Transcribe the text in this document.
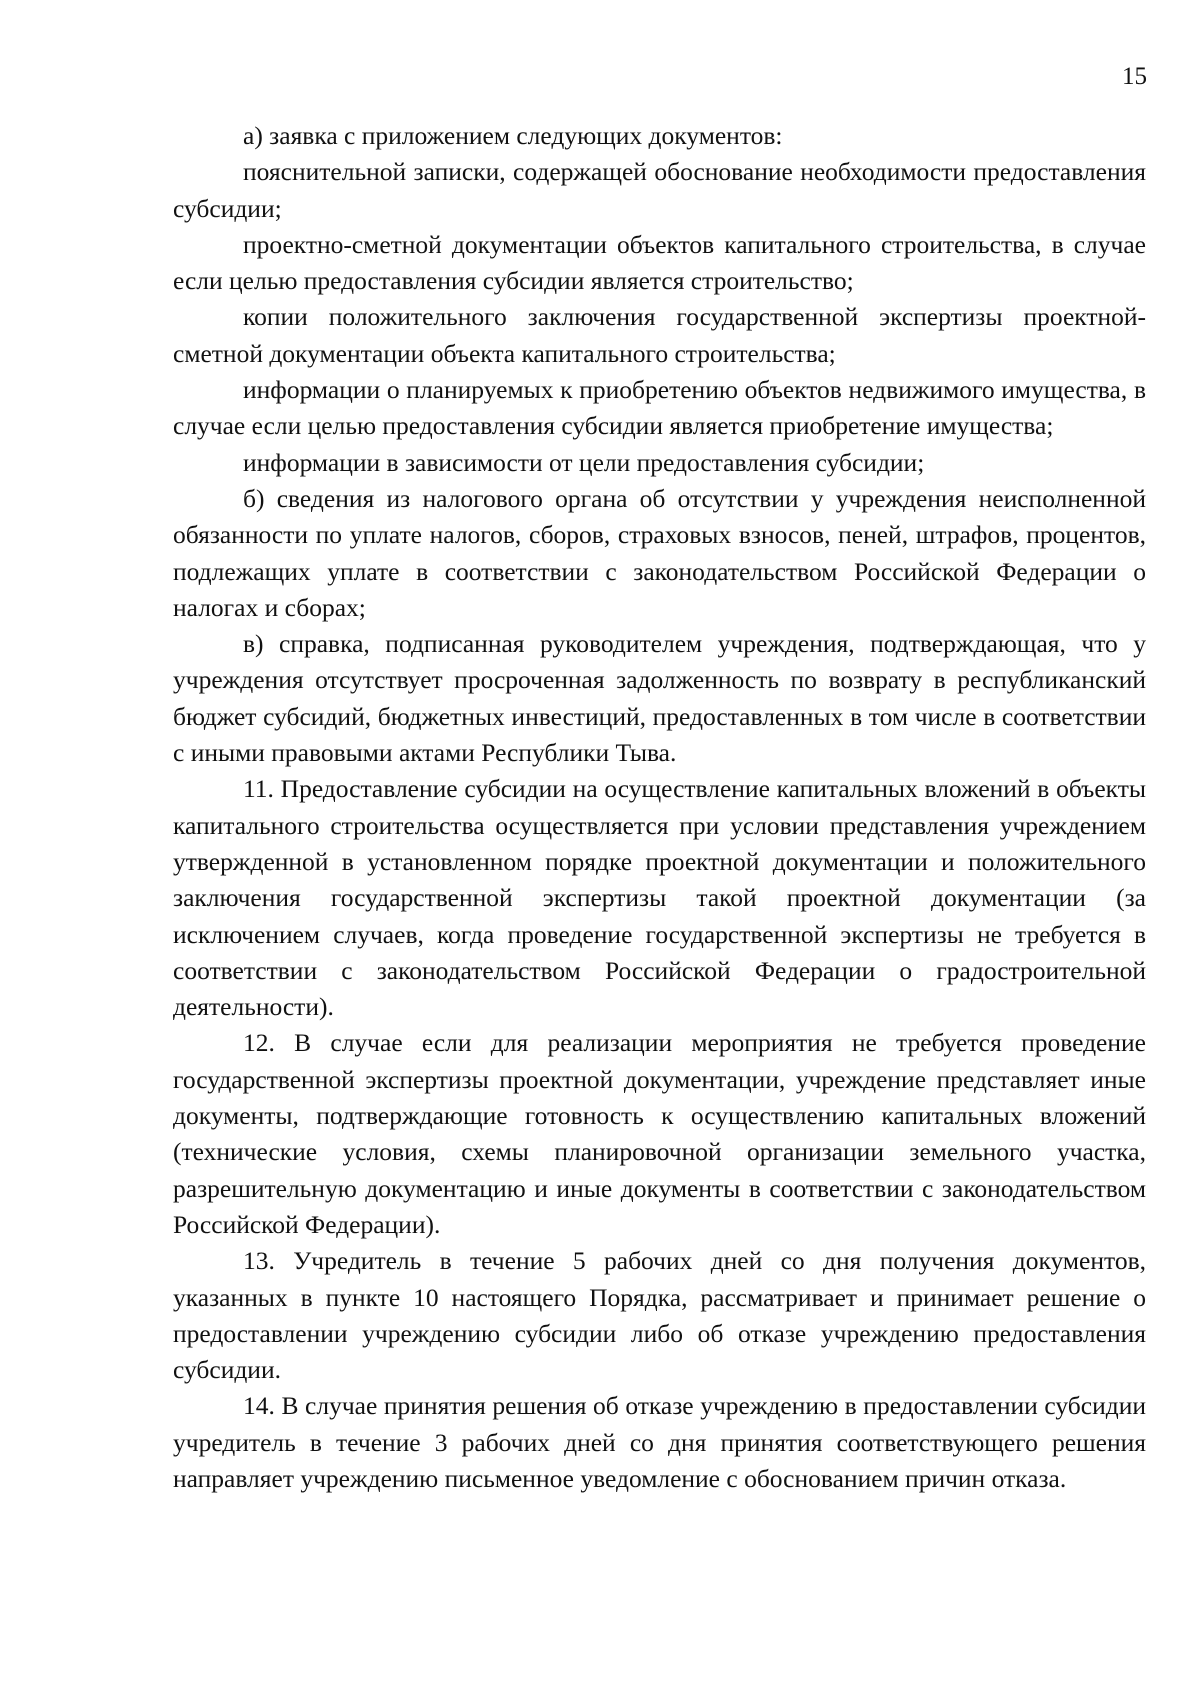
15

а) заявка с приложением следующих документов:

пояснительной записки, содержащей обоснование необходимости предоставления субсидии;

проектно-сметной документации объектов капитального строительства, в случае если целью предоставления субсидии является строительство;

копии положительного заключения государственной экспертизы проектной-сметной документации объекта капитального строительства;

информации о планируемых к приобретению объектов недвижимого имущества, в случае если целью предоставления субсидии является приобретение имущества;

информации в зависимости от цели предоставления субсидии;

б) сведения из налогового органа об отсутствии у учреждения неисполненной обязанности по уплате налогов, сборов, страховых взносов, пеней, штрафов, процентов, подлежащих уплате в соответствии с законодательством Российской Федерации о налогах и сборах;

в) справка, подписанная руководителем учреждения, подтверждающая, что у учреждения отсутствует просроченная задолженность по возврату в республиканский бюджет субсидий, бюджетных инвестиций, предоставленных в том числе в соответствии с иными правовыми актами Республики Тыва.

11. Предоставление субсидии на осуществление капитальных вложений в объекты капитального строительства осуществляется при условии представления учреждением утвержденной в установленном порядке проектной документации и положительного заключения государственной экспертизы такой проектной документации (за исключением случаев, когда проведение государственной экспертизы не требуется в соответствии с законодательством Российской Федерации о градостроительной деятельности).

12. В случае если для реализации мероприятия не требуется проведение государственной экспертизы проектной документации, учреждение представляет иные документы, подтверждающие готовность к осуществлению капитальных вложений (технические условия, схемы планировочной организации земельного участка, разрешительную документацию и иные документы в соответствии с законодательством Российской Федерации).

13. Учредитель в течение 5 рабочих дней со дня получения документов, указанных в пункте 10 настоящего Порядка, рассматривает и принимает решение о предоставлении учреждению субсидии либо об отказе учреждению предоставления субсидии.

14. В случае принятия решения об отказе учреждению в предоставлении субсидии учредитель в течение 3 рабочих дней со дня принятия соответствующего решения направляет учреждению письменное уведомление с обоснованием причин отказа.
